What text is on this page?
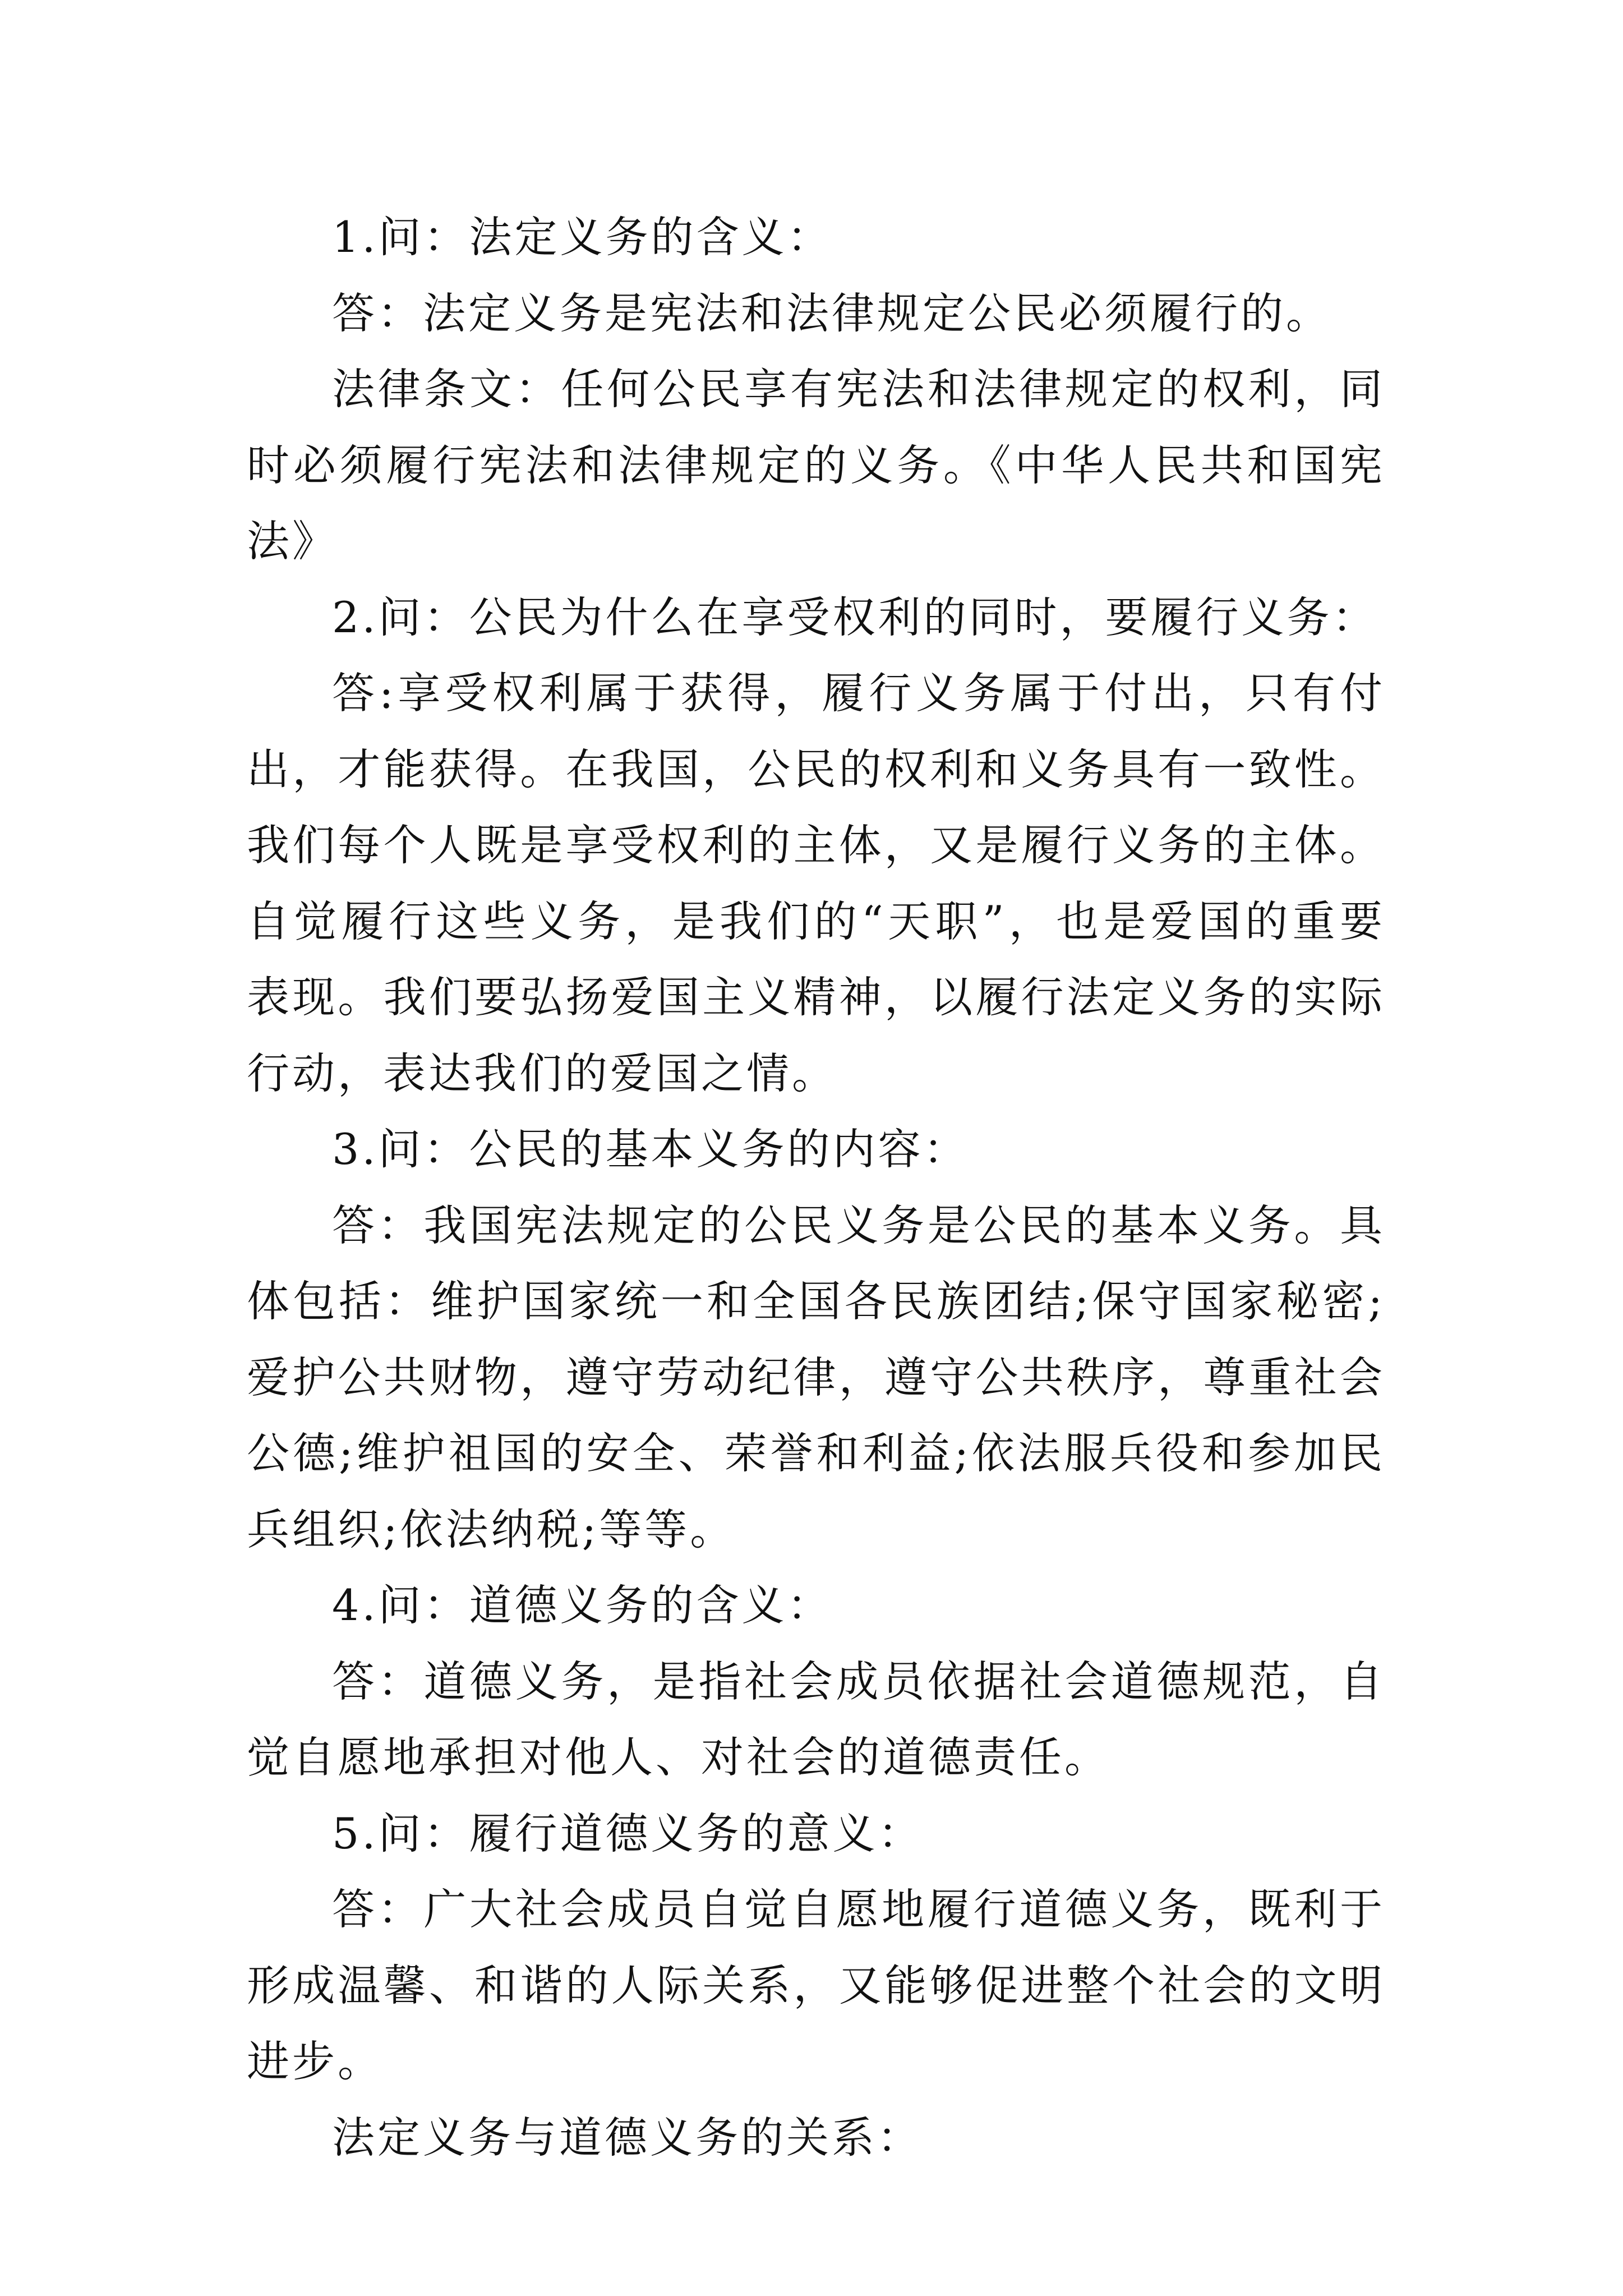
1.问：法定义务的含义：

答：法定义务是宪法和法律规定公民必须履行的。

法律条文：任何公民享有宪法和法律规定的权利，同时必须履行宪法和法律规定的义务。《中华人民共和国宪法》

2.问：公民为什么在享受权利的同时，要履行义务：

答:享受权利属于获得，履行义务属于付出，只有付出，才能获得。在我国，公民的权利和义务具有一致性。我们每个人既是享受权利的主体，又是履行义务的主体。自觉履行这些义务，是我们的“天职”，也是爱国的重要表现。我们要弘扬爱国主义精神，以履行法定义务的实际行动，表达我们的爱国之情。

3.问：公民的基本义务的内容：

答：我国宪法规定的公民义务是公民的基本义务。具体包括：维护国家统一和全国各民族团结;保守国家秘密;爱护公共财物，遵守劳动纪律，遵守公共秩序，尊重社会公德;维护祖国的安全、荣誉和利益;依法服兵役和参加民兵组织;依法纳税;等等。

4.问：道德义务的含义：

答：道德义务，是指社会成员依据社会道德规范，自觉自愿地承担对他人、对社会的道德责任。

5.问：履行道德义务的意义：

答：广大社会成员自觉自愿地履行道德义务，既利于形成温馨、和谐的人际关系，又能够促进整个社会的文明进步。

法定义务与道德义务的关系：
